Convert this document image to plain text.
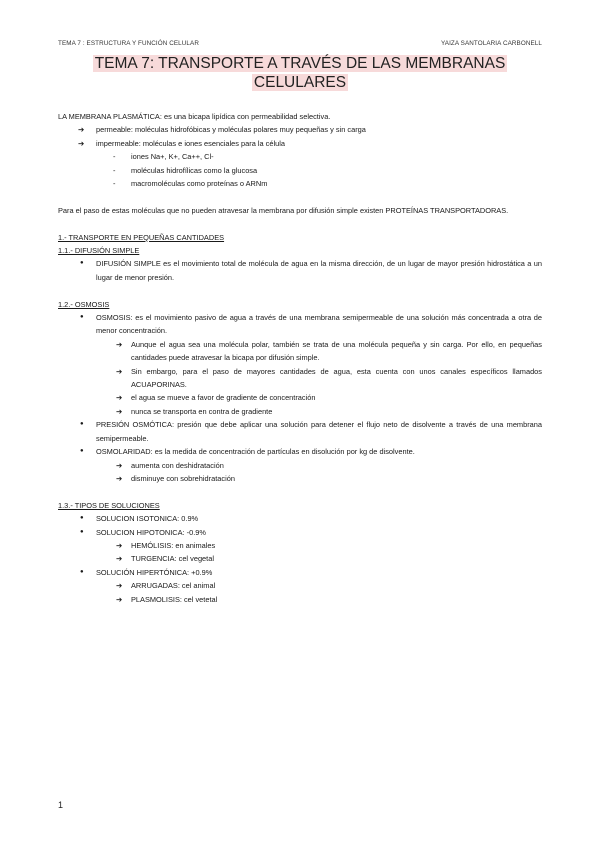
TEMA 7 : ESTRUCTURA Y FUNCIÓN CELULAR	YAIZA SANTOLARIA CARBONELL
TEMA 7: TRANSPORTE A TRAVÉS DE LAS MEMBRANAS CELULARES

LA MEMBRANA PLASMÁTICA: es una bicapa lipídica con permeabilidad selectiva.

➔ permeable: moléculas hidrofóbicas y moléculas polares muy pequeñas y sin carga
➔ impermeable: moléculas e iones esenciales para la célula
- iones Na+, K+, Ca++, Cl-
- moléculas hidrofílicas como la glucosa
- macromoléculas como proteínas o ARNm

Para el paso de estas moléculas que no pueden atravesar la membrana por difusión simple existen PROTEÍNAS TRANSPORTADORAS.

1.- TRANSPORTE EN PEQUEÑAS CANTIDADES

1.1.- DIFUSIÓN SIMPLE

● DIFUSIÓN SIMPLE es el movimiento total de molécula de agua en la misma dirección, de un lugar de mayor presión hidrostática a un lugar de menor presión.

1.2.- OSMOSIS

● OSMOSIS: es el movimiento pasivo de agua a través de una membrana semipermeable de una solución más concentrada a otra de menor concentración.
➔ Aunque el agua sea una molécula polar, también se trata de una molécula pequeña y sin carga. Por ello, en pequeñas cantidades puede atravesar la bicapa por difusión simple.
➔ Sin embargo, para el paso de mayores cantidades de agua, esta cuenta con unos canales específicos llamados ACUAPORINAS.
➔ el agua se mueve a favor de gradiente de concentración
➔ nunca se transporta en contra de gradiente
● PRESIÓN OSMÓTICA: presión que debe aplicar una solución para detener el flujo neto de disolvente a través de una membrana semipermeable.
● OSMOLARIDAD: es la medida de concentración de partículas en disolución por kg de disolvente.
➔ aumenta con deshidratación
➔ disminuye con sobrehidratación

1.3.- TIPOS DE SOLUCIONES

● SOLUCION ISOTONICA: 0.9%
● SOLUCION HIPOTONICA: -0.9%
➔ HEMÓLISIS: en animales
➔ TURGENCIA: cel vegetal
● SOLUCIÓN HIPERTÓNICA: +0.9%
➔ ARRUGADAS: cel animal
➔ PLASMOLISIS: cel vetetal
1
